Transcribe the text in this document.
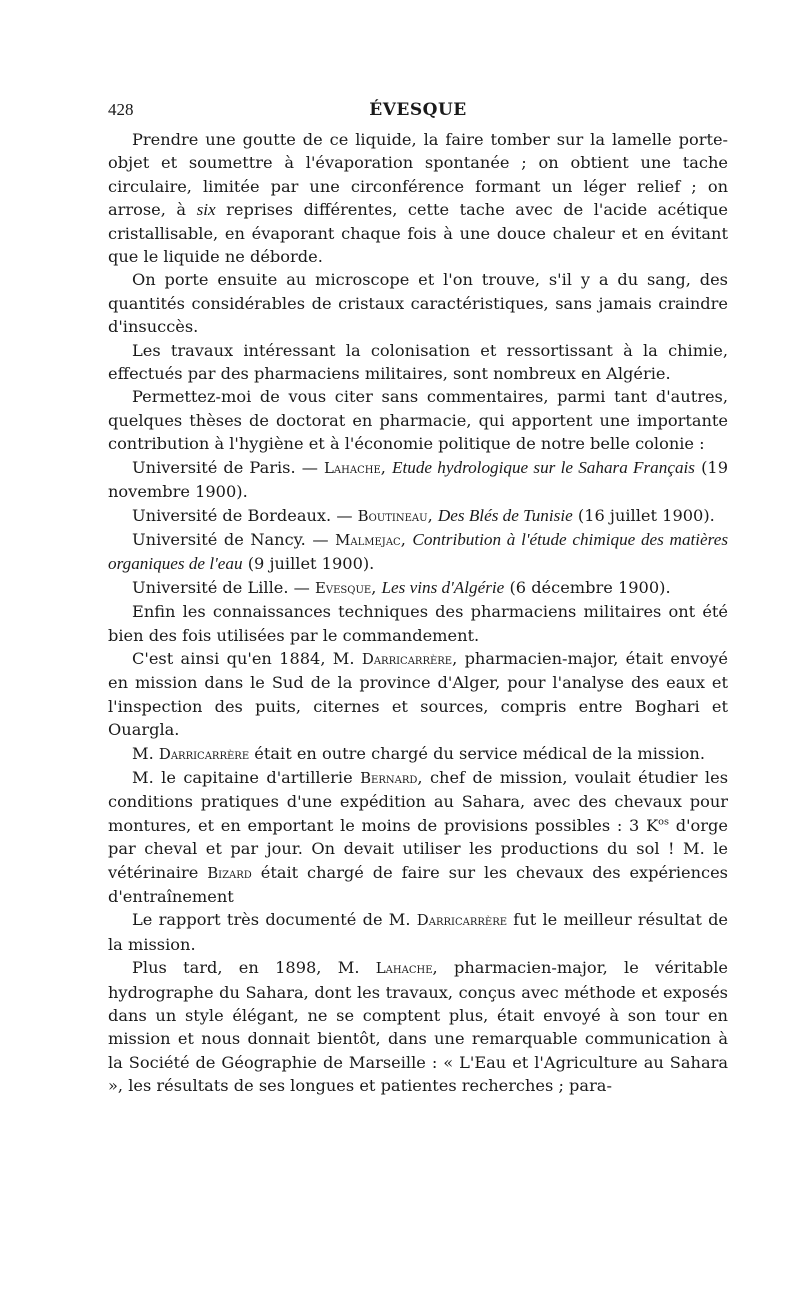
428	ÉVESQUE

Prendre une goutte de ce liquide, la faire tomber sur la lamelle porte-objet et soumettre à l'évaporation spontanée ; on obtient une tache circulaire, limitée par une circonférence formant un léger relief ; on arrose, à six reprises différentes, cette tache avec de l'acide acétique cristallisable, en évaporant chaque fois à une douce chaleur et en évitant que le liquide ne déborde.

On porte ensuite au microscope et l'on trouve, s'il y a du sang, des quantités considérables de cristaux caractéristiques, sans jamais craindre d'insuccès.

Les travaux intéressant la colonisation et ressortissant à la chimie, effectués par des pharmaciens militaires, sont nombreux en Algérie.

Permettez-moi de vous citer sans commentaires, parmi tant d'autres, quelques thèses de doctorat en pharmacie, qui apportent une importante contribution à l'hygiène et à l'économie politique de notre belle colonie :

Université de Paris. — Lahache, Etude hydrologique sur le Sahara Français (19 novembre 1900).

Université de Bordeaux. — Boutineau, Des Blés de Tunisie (16 juillet 1900).

Université de Nancy. — Malmejac, Contribution à l'étude chimique des matières organiques de l'eau (9 juillet 1900).

Université de Lille. — Evesque, Les vins d'Algérie (6 décembre 1900).

Enfin les connaissances techniques des pharmaciens militaires ont été bien des fois utilisées par le commandement.

C'est ainsi qu'en 1884, M. Darricarrère, pharmacien-major, était envoyé en mission dans le Sud de la province d'Alger, pour l'analyse des eaux et l'inspection des puits, citernes et sources, compris entre Boghari et Ouargla.

M. Darricarrère était en outre chargé du service médical de la mission.

M. le capitaine d'artillerie Bernard, chef de mission, voulait étudier les conditions pratiques d'une expédition au Sahara, avec des chevaux pour montures, et en emportant le moins de provisions possibles : 3 $K^{os}$ d'orge par cheval et par jour. On devait utiliser les productions du sol ! M. le vétérinaire Bizard était chargé de faire sur les chevaux des expériences d'entraînement

Le rapport très documenté de M. Darricarrère fut le meilleur résultat de la mission.

Plus tard, en 1898, M. Lahache, pharmacien-major, le véritable hydrographe du Sahara, dont les travaux, conçus avec méthode et exposés dans un style élégant, ne se comptent plus, était envoyé à son tour en mission et nous donnait bientôt, dans une remarquable communication à la Société de Géographie de Marseille : « L'Eau et l'Agriculture au Sahara », les résultats de ses longues et patientes recherches ; para-
